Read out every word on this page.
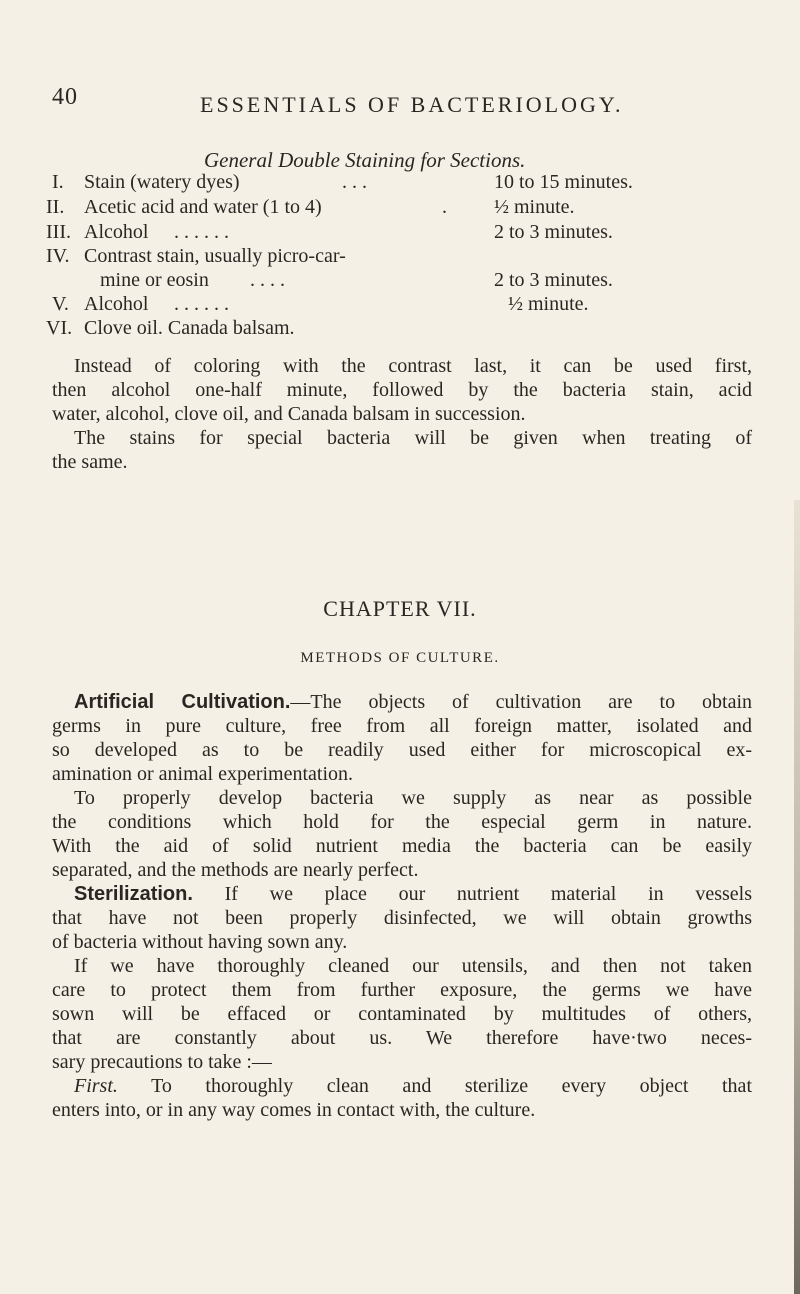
40	ESSENTIALS OF BACTERIOLOGY.
General Double Staining for Sections.
I. Stain (watery dyes)	. . .	10 to 15 minutes.
II. Acetic acid and water (1 to 4)	. ½ minute.
III. Alcohol . . . . . .	2 to 3 minutes.
IV. Contrast stain, usually picro-car-
mine or eosin . . . .	2 to 3 minutes.
V. Alcohol . . . . . .	½ minute.
VI. Clove oil. Canada balsam.
Instead of coloring with the contrast last, it can be used first,
then alcohol one-half minute, followed by the bacteria stain, acid
water, alcohol, clove oil, and Canada balsam in succession.
The stains for special bacteria will be given when treating of
the same.
CHAPTER VII.
METHODS OF CULTURE.
Artificial Cultivation.—The objects of cultivation are to obtain
germs in pure culture, free from all foreign matter, isolated and
so developed as to be readily used either for microscopical ex-
amination or animal experimentation.
To properly develop bacteria we supply as near as possible
the conditions which hold for the especial germ in nature.
With the aid of solid nutrient media the bacteria can be easily
separated, and the methods are nearly perfect.
Sterilization. If we place our nutrient material in vessels
that have not been properly disinfected, we will obtain growths
of bacteria without having sown any.
If we have thoroughly cleaned our utensils, and then not taken
care to protect them from further exposure, the germs we have
sown will be effaced or contaminated by multitudes of others,
that are constantly about us. We therefore have·two neces-
sary precautions to take :—
First. To thoroughly clean and sterilize every object that
enters into, or in any way comes in contact with, the culture.
